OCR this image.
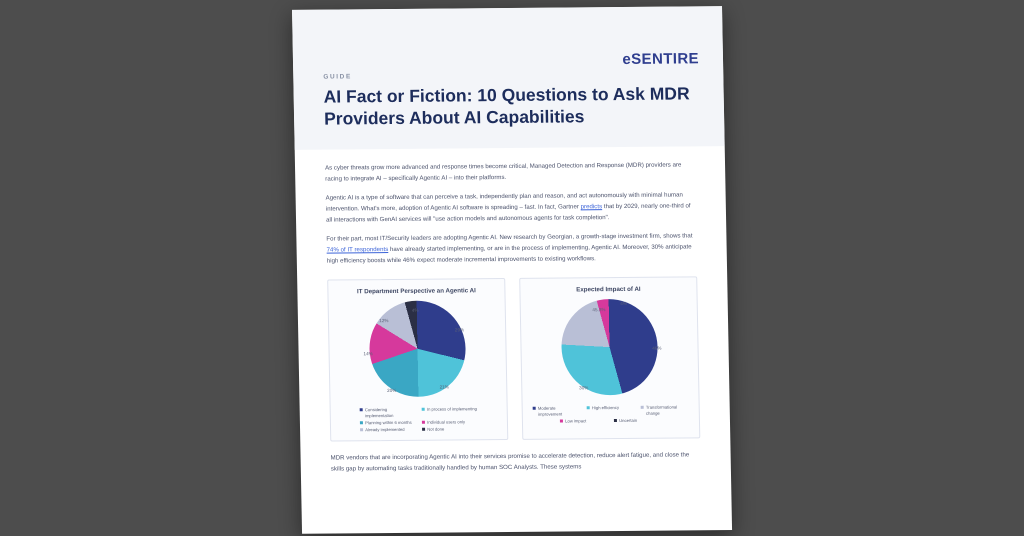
eSENTIRE
GUIDE
AI Fact or Fiction: 10 Questions to Ask MDR Providers About AI Capabilities

As cyber threats grow more advanced and response times become critical, Managed Detection and Response (MDR) providers are racing to integrate AI – specifically Agentic AI – into their platforms.

Agentic AI is a type of software that can perceive a task, independently plan and reason, and act autonomously with minimal human intervention. What's more, adoption of Agentic AI software is spreading – fast. In fact, Gartner predicts that by 2029, nearly one-third of all interactions with GenAI services will "use action models and autonomous agents for task completion".

For their part, most IT/Security leaders are adopting Agentic AI. New research by Georgian, a growth-stage investment firm, shows that 74% of IT respondents have already started implementing, or are in the process of implementing, Agentic AI. Moreover, 30% anticipate high efficiency boosts while 46% expect moderate incremental improvements to existing workflows.

IT Department Perspective an Agentic AI
29%
21%
20%
14%
12%
4%
Considering implementation
In process of implementing
Planning within 6 months	Individual users only
Already implemented	Not done
Expected Impact of AI
46%
30%
45.3%
4%
Moderate improvement
High efficiency	Transformational change
Low impact	Uncertain

MDR vendors that are incorporating Agentic AI into their services promise to accelerate detection, reduce alert fatigue, and close the skills gap by automating tasks traditionally handled by human SOC Analysts. These systems
